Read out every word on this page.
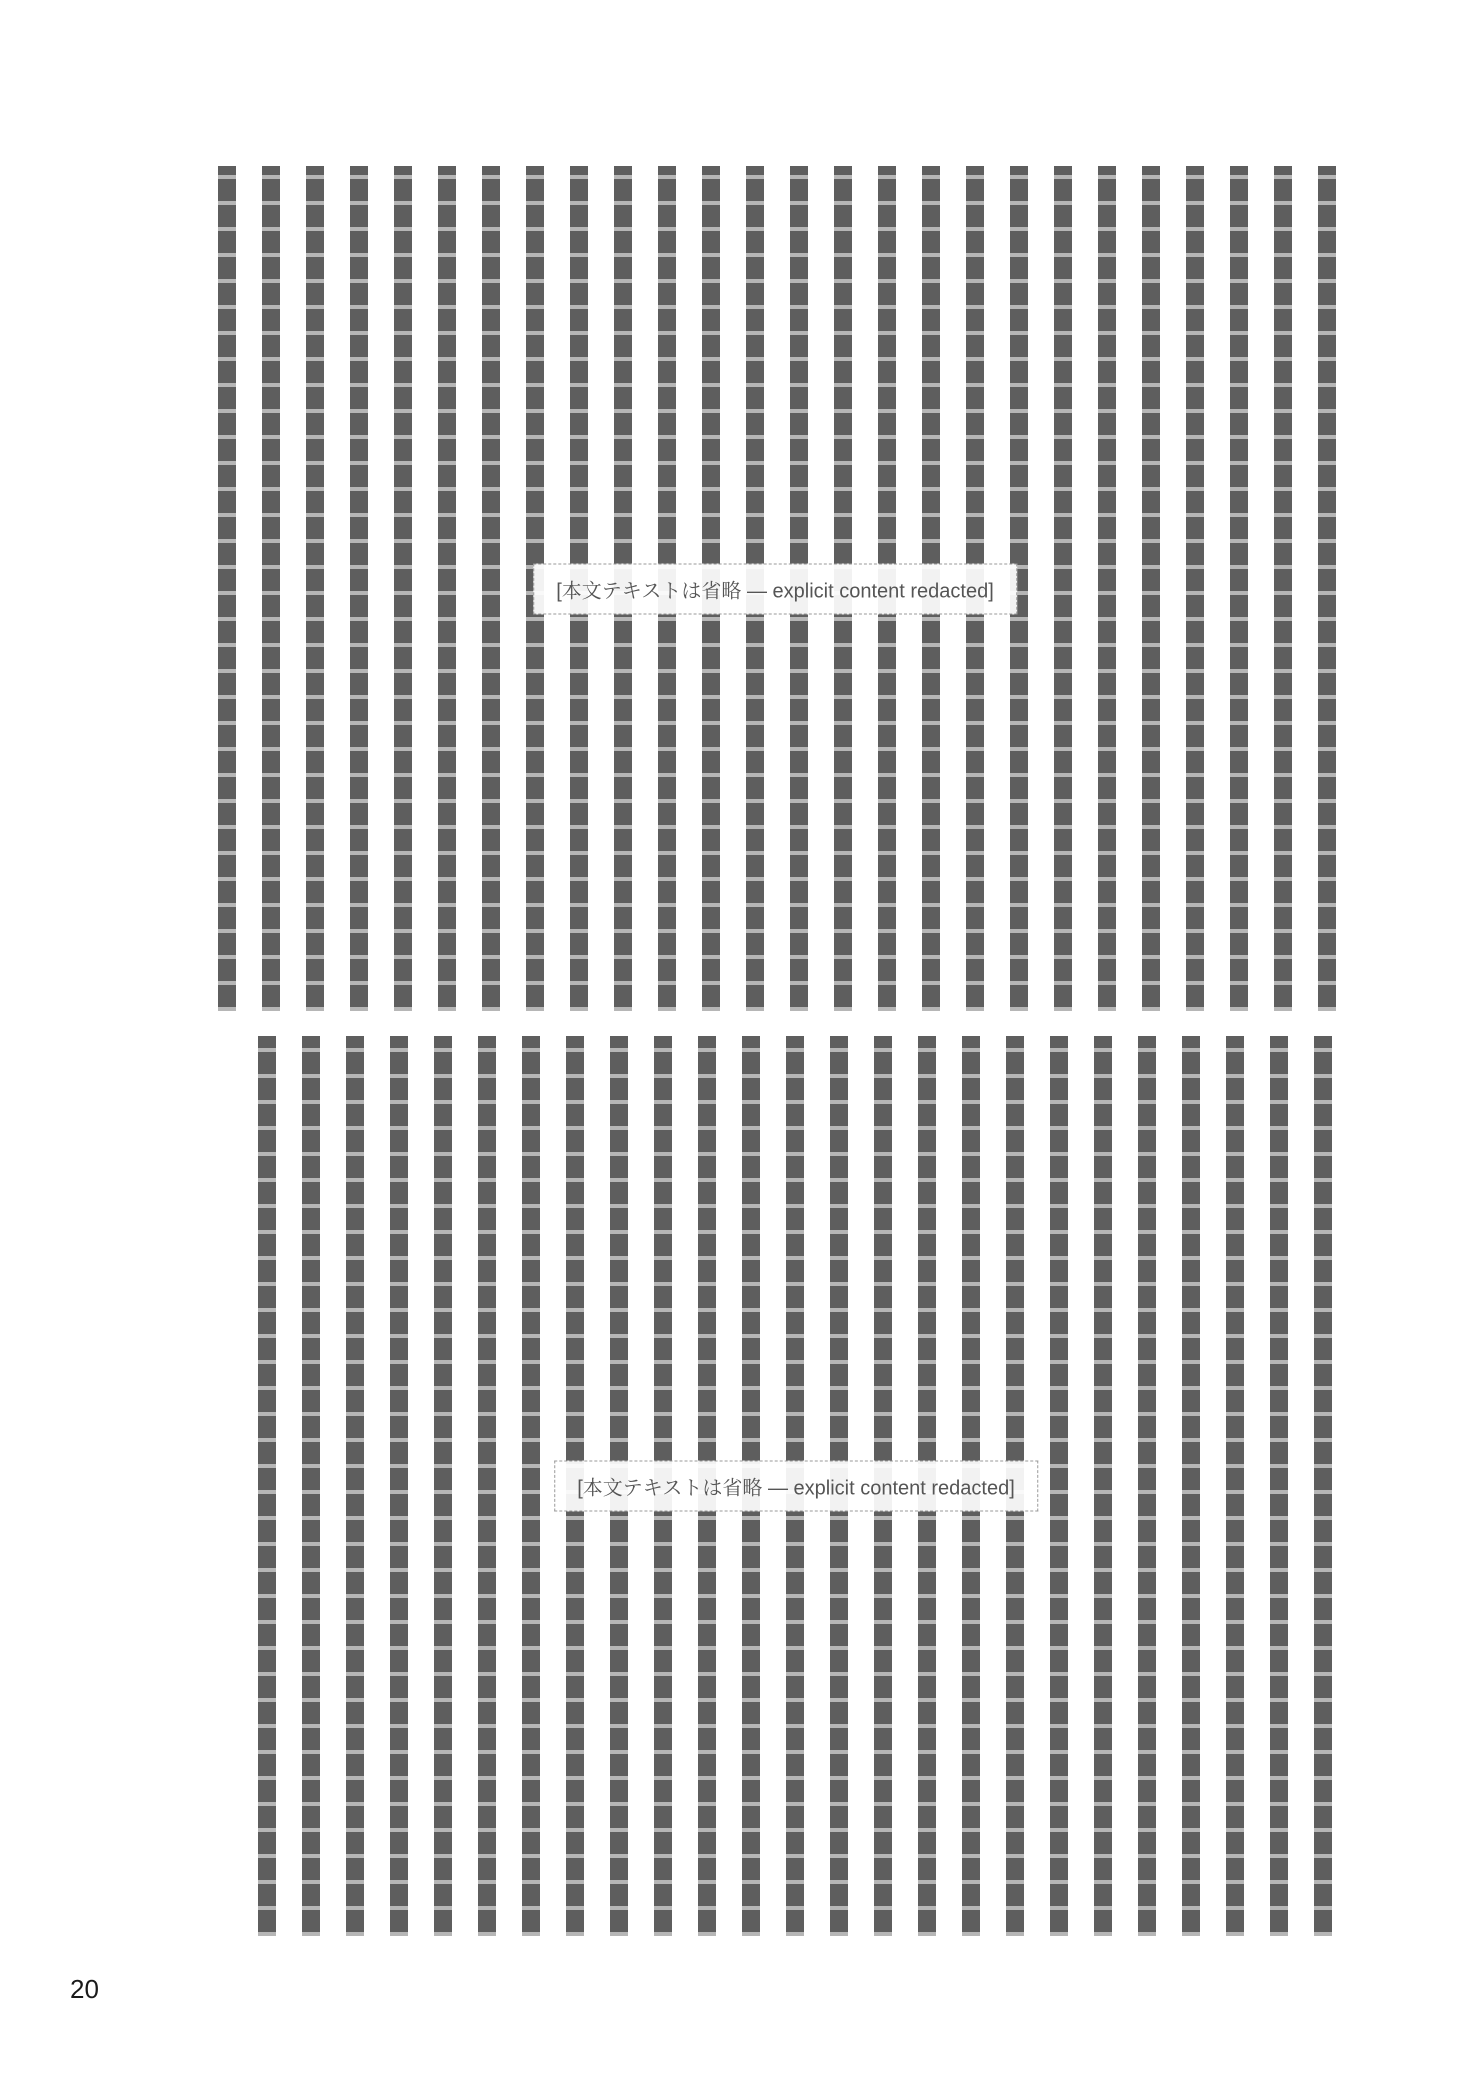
[本文テキストは省略 — explicit content redacted]
[本文テキストは省略 — explicit content redacted]
20
